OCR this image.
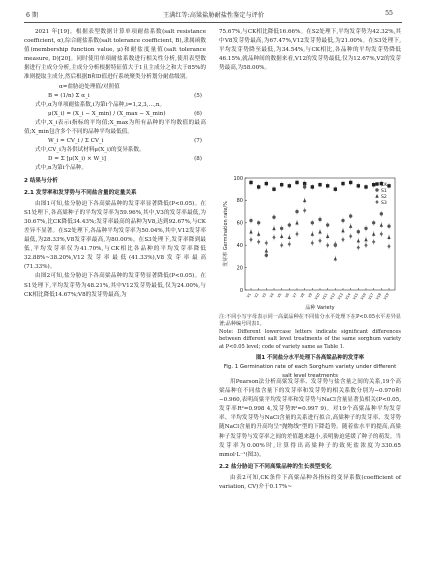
6 期	王满红等:高粱盐胁耐盐性鉴定与评价	55

2021 年[19]。根据表型数据计算单项耐盐系数(salt resistance coefficient, α),综合耐盐系数(salt tolerance coefficient, B),隶属函数值(membership function value, μ)和耐盐度量值(salt tolerance measure, D)[20]。同时使用单项耐盐系数进行相关性分析,使用表型数据进行主成分分析,主成分分析根据特征值大于1且主成分之和大于85%的准则提取主成分,然后根据B和D值进行系统聚类分析划分耐盐级别。

α=盐胁迫处理值/对照值

B = (1/n) Σ α_i	(5)

式中,α为单项耐盐系数,i为第i个品种,i=1,2,3,…,n。

μ(X_i) = (X_i − X_min) / (X_max − X_min)	(6)

式中,X_i表示i指标的平均值;X_max为所有品种的平均数值的最高值;X_min包含多个不同的品种平均最低值。

W_i = CV_i / Σ CV_i	(7)

式中,CV_i为各供试材料μ(X_i)的变异系数。

D = Σ [μ(X_i) × W_i]	(8)

式中,n为第i个品种。

2 结果与分析
2.1 发芽率和发芽势与不同盐含量的定量关系

由图1可知,盐分胁迫下各高粱品种的发芽率显著降低(P<0.05)。在S1处理下,各高粱种子的平均发芽率为59.96%,其中,V3的发芽率最低,为30.67%,比CK降低34.43%;发芽率最高的品种为V8,达到92.67%,与CK差异不显著。在S2处理下,各品种平均发芽率为50.04%,其中,V12发芽率最低,为28.33%,V8发芽率最高,为80.00%。在S3处理下,发芽率降到最低,平均发芽率仅为41.70%,与CK相比各品种的平均发芽率降低32.88%~38.20%,V12发芽率最低(41.33%),V8发芽率最高(71.33%)。

由图2可知,盐分胁迫下各高粱品种的发芽势显著降低(P<0.05)。在S1处理下,平均发芽势为48.21%,其中V12发芽势最低,仅为24.00%,与CK相比降低14.67%;V8的发芽势最高,为

75.67%,与CK相比降低16.66%。在S2处理下,平均发芽势为42.32%,其中V8发芽势最高,为67.47%,V12发芽势最低,为21.00%。在S3处理下,平均发芽势降至最低,为34.54%,与CK相比,各品种的平均发芽势降低46.15%,就品种间的数据来看,V12的发芽势最低,仅为12.67%,V2的发芽势最高,为58.00%。

0
20
40
60
80
100
V1 V2 V3 V4 V5 V6 V7 V8 V9 V10 V11 V12 V13 V14 V15 V16 V17 V18 V19
发芽率 Germination rate/%
品种 Variety
CK
S1
S2
S3
注:不同小写字母表示同一高粱品种在不同盐分水平处理下在P<0.05水平差异显著;品种编号同表1。
Note: Different lowercase letters indicate significant differences between different salt level treatments of the same sorghum variety at P<0.05 level; code of variety same as Table 1.
图1 不同盐分水平处理下各高粱品种的发芽率
Fig. 1 Germination rate of each Sorghum variety under different salt level treatments

用Pearson法分析高粱发芽率、发芽势与盐含量之间的关系,19个高粱品种在不同盐含量下的发芽率和发芽势的相关系数分别为−0.970和−0.960,表明高粱平均发芽率和发芽势与NaCl含量显著负相关(P<0.05,发芽率R²=0.998 4,发芽势R²=0.997 9)。对19个高粱品种平均发芽率、平均发芽势与NaCl含量的关系进行拟合,高粱种子的发芽率、发芽势随NaCl含量的升高均呈"抛物线"型的下降趋势。随着盐水平的提高,高粱种子发芽势与发芽率之间的差值越来越小,表明胁迫延缓了种子的萌发。当发芽率为0.00%时,计算得出高粱种子的致死盐浓度为330.65 mmol·L⁻¹(图3)。

2.2 盐分胁迫下不同高粱品种的生长表型变化

由表2可知,CK条件下高粱品种各指标的变异系数(coefficient of variation, CV)介于0.17%~
